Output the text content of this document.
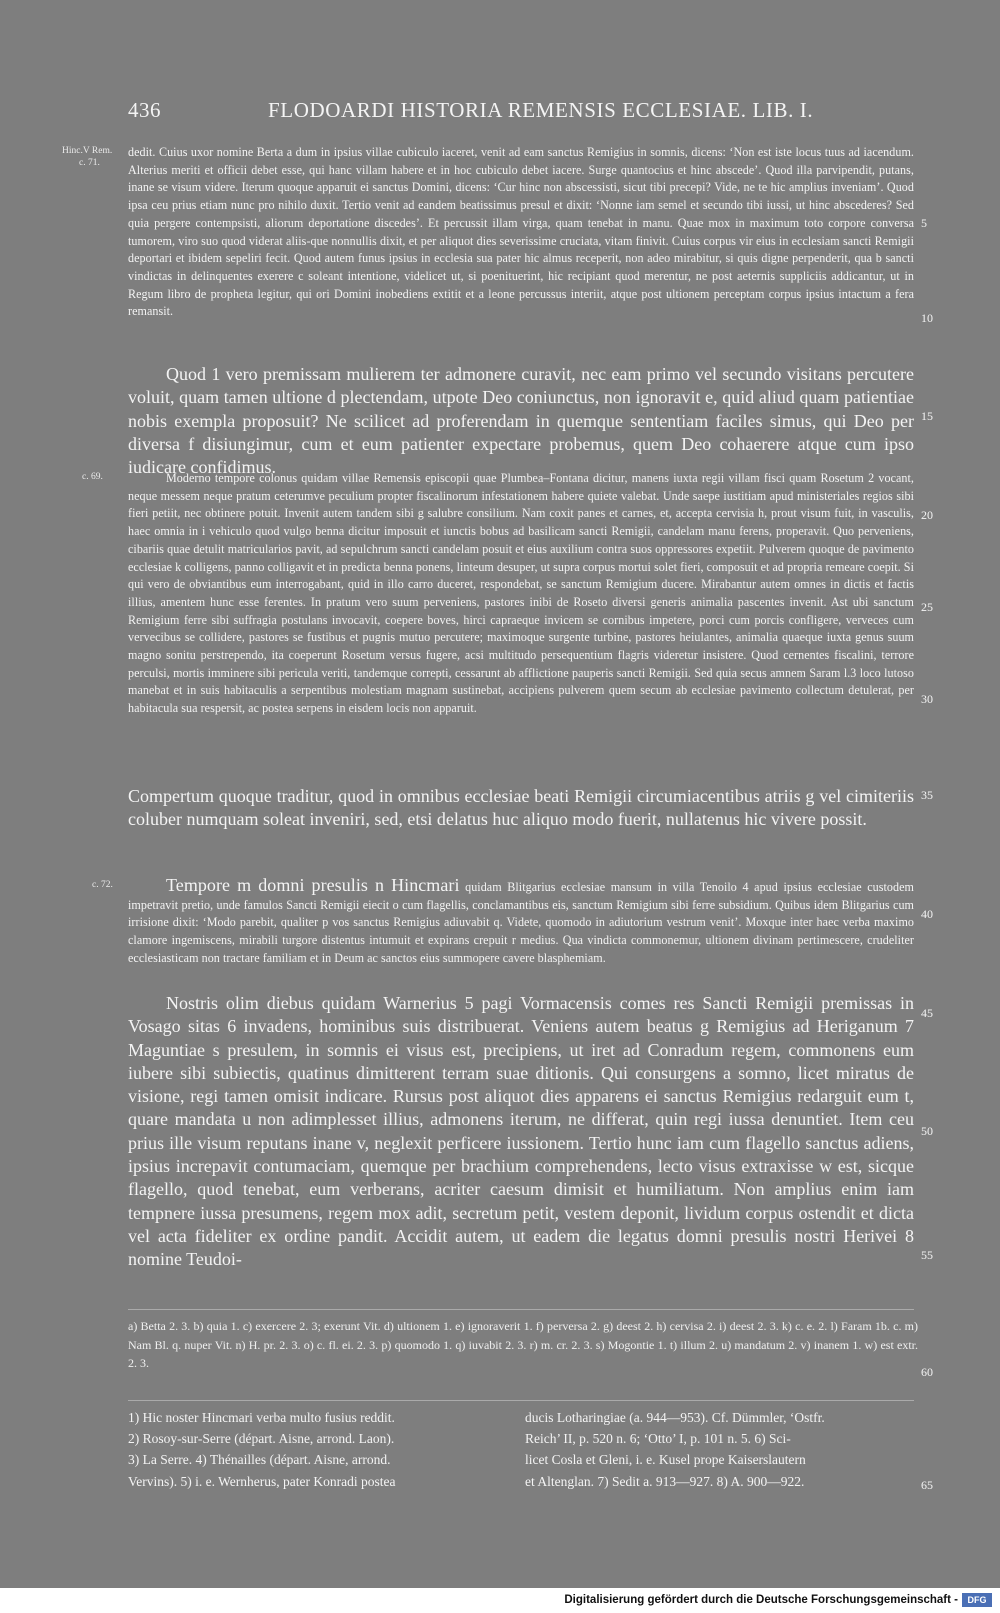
436	FLODOARDI HISTORIA REMENSIS ECCLESIAE. LIB. I.
Hinc.V Rem.
c. 71.
c. 69.
c. 72.
5
10
15
20
25
30
35
40
45
50
55
60
65

dedit. Cuius uxor nomine Berta a dum in ipsius villae cubiculo iaceret, venit ad eam sanctus Remigius in somnis, dicens: ‘Non est iste locus tuus ad iacendum. Alterius meriti et officii debet esse, qui hanc villam habere et in hoc cubiculo debet iacere. Surge quantocius et hinc abscede’. Quod illa parvipendit, putans, inane se visum videre. Iterum quoque apparuit ei sanctus Domini, dicens: ‘Cur hinc non abscessisti, sicut tibi precepi? Vide, ne te hic amplius inveniam’. Quod ipsa ceu prius etiam nunc pro nihilo duxit. Tertio venit ad eandem beatissimus presul et dixit: ‘Nonne iam semel et secundo tibi iussi, ut hinc abscederes? Sed quia pergere contempsisti, aliorum deportatione discedes’. Et percussit illam virga, quam tenebat in manu. Quae mox in maximum toto corpore conversa tumorem, viro suo quod viderat aliis-que nonnullis dixit, et per aliquot dies severissime cruciata, vitam finivit. Cuius corpus vir eius in ecclesiam sancti Remigii deportari et ibidem sepeliri fecit. Quod autem funus ipsius in ecclesia sua pater hic almus receperit, non adeo mirabitur, si quis digne perpenderit, qua b sancti vindictas in delinquentes exerere c soleant intentione, videlicet ut, si poenituerint, hic recipiant quod merentur, ne post aeternis suppliciis addicantur, ut in Regum libro de propheta legitur, qui ori Domini inobediens extitit et a leone percussus interiit, atque post ultionem perceptam corpus ipsius intactum a fera remansit.

Quod 1 vero premissam mulierem ter admonere curavit, nec eam primo vel secundo visitans percutere voluit, quam tamen ultione d plectendam, utpote Deo coniunctus, non ignoravit e, quid aliud quam patientiae nobis exempla proposuit? Ne scilicet ad proferendam in quemque sententiam faciles simus, qui Deo per diversa f disiungimur, cum et eum patienter expectare probemus, quem Deo cohaerere atque cum ipso iudicare confidimus.

Moderno tempore colonus quidam villae Remensis episcopii quae Plumbea–Fontana dicitur, manens iuxta regii villam fisci quam Rosetum 2 vocant, neque messem neque pratum ceterumve peculium propter fiscalinorum infestationem habere quiete valebat. Unde saepe iustitiam apud ministeriales regios sibi fieri petiit, nec obtinere potuit. Invenit autem tandem sibi g salubre consilium. Nam coxit panes et carnes, et, accepta cervisia h, prout visum fuit, in vasculis, haec omnia in i vehiculo quod vulgo benna dicitur imposuit et iunctis bobus ad basilicam sancti Remigii, candelam manu ferens, properavit. Quo perveniens, cibariis quae detulit matricularios pavit, ad sepulchrum sancti candelam posuit et eius auxilium contra suos oppressores expetiit. Pulverem quoque de pavimento ecclesiae k colligens, panno colligavit et in predicta benna ponens, linteum desuper, ut supra corpus mortui solet fieri, composuit et ad propria remeare coepit. Si qui vero de obviantibus eum interrogabant, quid in illo carro duceret, respondebat, se sanctum Remigium ducere. Mirabantur autem omnes in dictis et factis illius, amentem hunc esse ferentes. In pratum vero suum perveniens, pastores inibi de Roseto diversi generis animalia pascentes invenit. Ast ubi sanctum Remigium ferre sibi suffragia postulans invocavit, coepere boves, hirci capraeque invicem se cornibus impetere, porci cum porcis confligere, verveces cum vervecibus se collidere, pastores se fustibus et pugnis mutuo percutere; maximoque surgente turbine, pastores heiulantes, animalia quaeque iuxta genus suum magno sonitu perstrependo, ita coeperunt Rosetum versus fugere, acsi multitudo persequentium flagris videretur insistere. Quod cernentes fiscalini, terrore perculsi, mortis imminere sibi pericula veriti, tandemque correpti, cessarunt ab afflictione pauperis sancti Remigii. Sed quia secus amnem Saram l.3 loco lutoso manebat et in suis habitaculis a serpentibus molestiam magnam sustinebat, accipiens pulverem quem secum ab ecclesiae pavimento collectum detulerat, per habitacula sua respersit, ac postea serpens in eisdem locis non apparuit.

Compertum quoque traditur, quod in omnibus ecclesiae beati Remigii circumiacentibus atriis g vel cimiteriis coluber numquam soleat inveniri, sed, etsi delatus huc aliquo modo fuerit, nullatenus hic vivere possit.

Tempore m domni presulis n Hincmari quidam Blitgarius ecclesiae mansum in villa Tenoilo 4 apud ipsius ecclesiae custodem impetravit pretio, unde famulos Sancti Remigii eiecit o cum flagellis, conclamantibus eis, sanctum Remigium sibi ferre subsidium. Quibus idem Blitgarius cum irrisione dixit: ‘Modo parebit, qualiter p vos sanctus Remigius adiuvabit q. Videte, quomodo in adiutorium vestrum venit’. Moxque inter haec verba maximo clamore ingemiscens, mirabili turgore distentus intumuit et expirans crepuit r medius. Qua vindicta commonemur, ultionem divinam pertimescere, crudeliter ecclesiasticam non tractare familiam et in Deum ac sanctos eius summopere cavere blasphemiam.

Nostris olim diebus quidam Warnerius 5 pagi Vormacensis comes res Sancti Remigii premissas in Vosago sitas 6 invadens, hominibus suis distribuerat. Veniens autem beatus g Remigius ad Heriganum 7 Maguntiae s presulem, in somnis ei visus est, precipiens, ut iret ad Conradum regem, commonens eum iubere sibi subiectis, quatinus dimitterent terram suae ditionis. Qui consurgens a somno, licet miratus de visione, regi tamen omisit indicare. Rursus post aliquot dies apparens ei sanctus Remigius redarguit eum t, quare mandata u non adimplesset illius, admonens iterum, ne differat, quin regi iussa denuntiet. Item ceu prius ille visum reputans inane v, neglexit perficere iussionem. Tertio hunc iam cum flagello sanctus adiens, ipsius increpavit contumaciam, quemque per brachium comprehendens, lecto visus extraxisse w est, sicque flagello, quod tenebat, eum verberans, acriter caesum dimisit et humiliatum. Non amplius enim iam tempnere iussa presumens, regem mox adit, secretum petit, vestem deponit, lividum corpus ostendit et dicta vel acta fideliter ex ordine pandit. Accidit autem, ut eadem die legatus domni presulis nostri Herivei 8 nomine Teudoi-

a) Betta 2. 3. b) quia 1. c) exercere 2. 3; exerunt Vit. d) ultionem 1. e) ignoraverit 1. f) perversa 2. g) deest 2. h) cervisa 2. i) deest 2. 3. k) c. e. 2. l) Faram 1b. c. m) Nam Bl. q. nuper Vit. n) H. pr. 2. 3. o) c. fl. ei. 2. 3. p) quomodo 1. q) iuvabit 2. 3. r) m. cr. 2. 3. s) Mogontie 1. t) illum 2. u) mandatum 2. v) inanem 1. w) est extr. 2. 3.

1) Hic noster Hincmari verba multo fusius reddit.

2) Rosoy-sur-Serre (départ. Aisne, arrond. Laon).

3) La Serre. 4) Thénailles (départ. Aisne, arrond.

Vervins). 5) i. e. Wernherus, pater Konradi postea

ducis Lotharingiae (a. 944—953). Cf. Dümmler, ‘Ostfr.

Reich’ II, p. 520 n. 6; ‘Otto’ I, p. 101 n. 5. 6) Sci-

licet Cosla et Gleni, i. e. Kusel prope Kaiserslautern

et Altenglan. 7) Sedit a. 913—927. 8) A. 900—922.

Digitalisierung gefördert durch die Deutsche Forschungsgemeinschaft -	DFG
